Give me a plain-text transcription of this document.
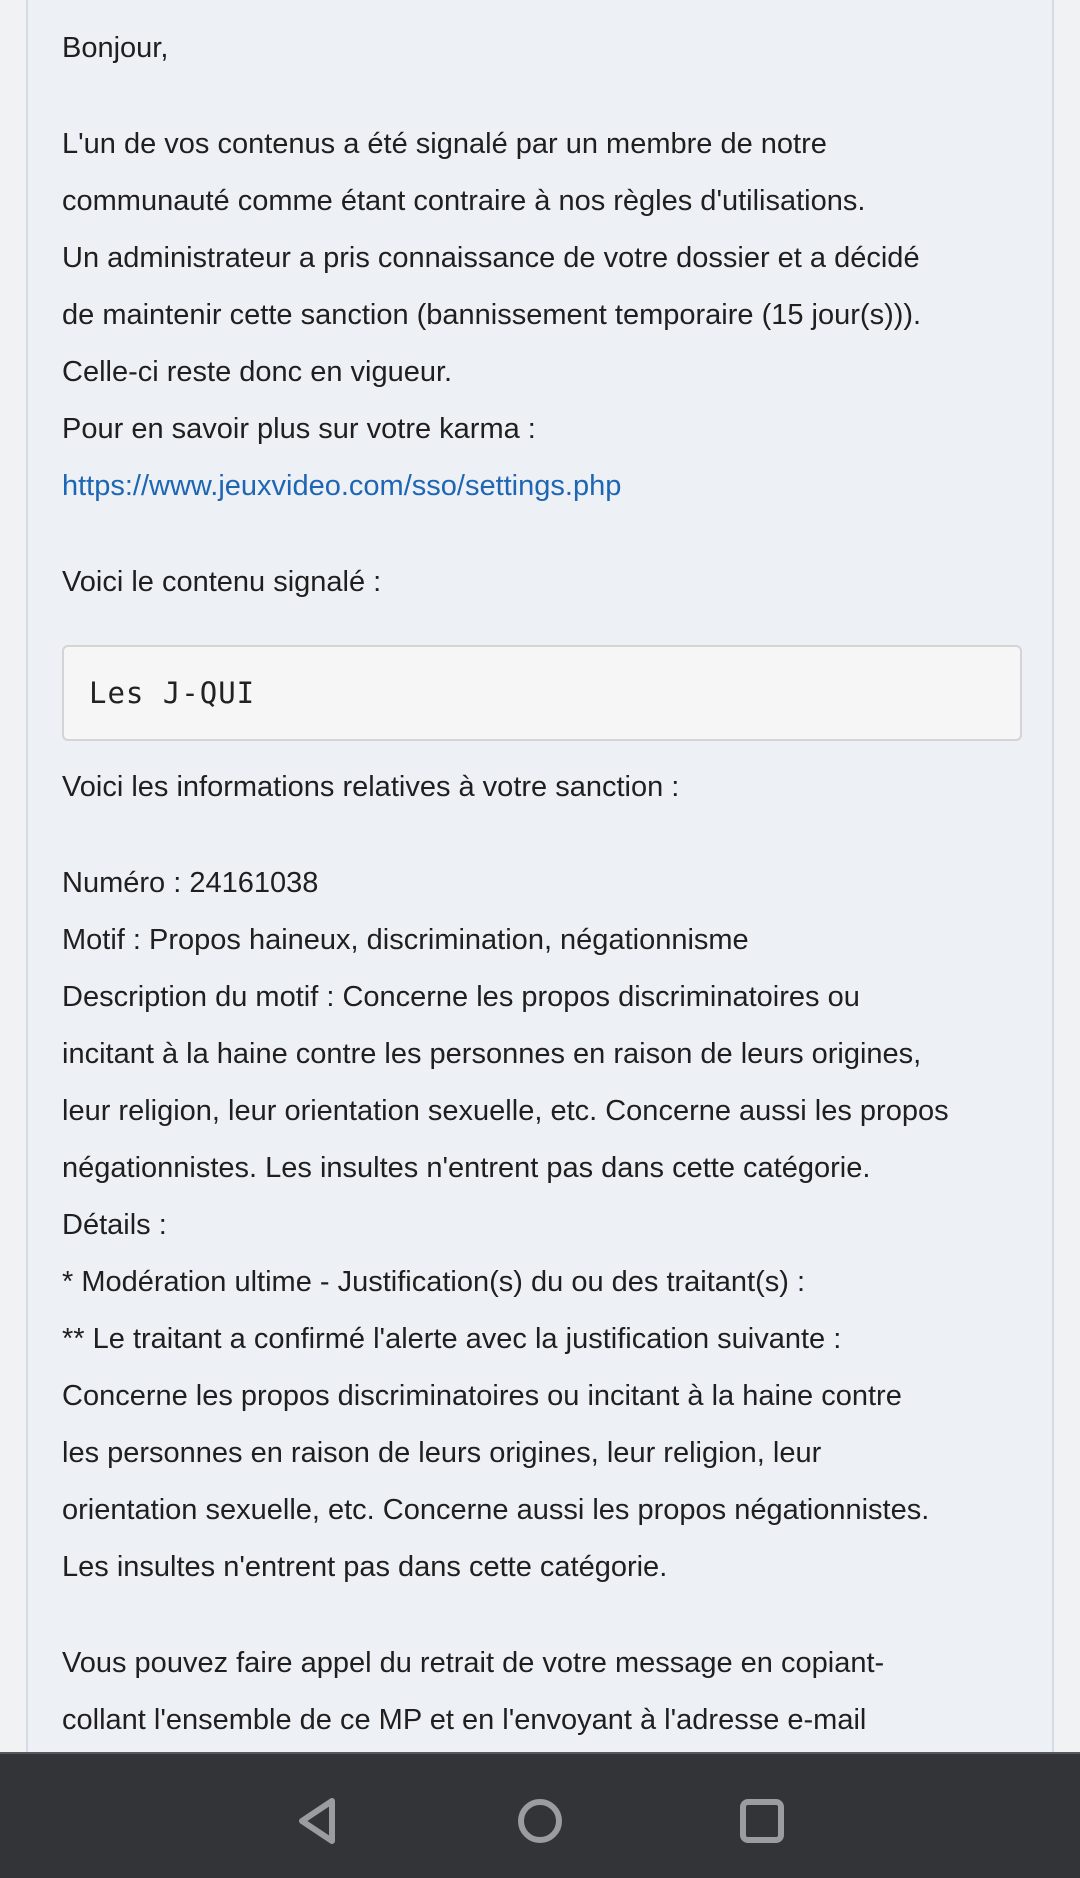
Bonjour,
L'un de vos contenus a été signalé par un membre de notre
communauté comme étant contraire à nos règles d'utilisations.
Un administrateur a pris connaissance de votre dossier et a décidé
de maintenir cette sanction (bannissement temporaire (15 jour(s))).
Celle-ci reste donc en vigueur.
Pour en savoir plus sur votre karma :
https://www.jeuxvideo.com/sso/settings.php
Voici le contenu signalé :
Les J-QUI
Voici les informations relatives à votre sanction :
Numéro : 24161038
Motif : Propos haineux, discrimination, négationnisme
Description du motif : Concerne les propos discriminatoires ou
incitant à la haine contre les personnes en raison de leurs origines,
leur religion, leur orientation sexuelle, etc. Concerne aussi les propos
négationnistes. Les insultes n'entrent pas dans cette catégorie.
Détails :
* Modération ultime - Justification(s) du ou des traitant(s) :
** Le traitant a confirmé l'alerte avec la justification suivante :
Concerne les propos discriminatoires ou incitant à la haine contre
les personnes en raison de leurs origines, leur religion, leur
orientation sexuelle, etc. Concerne aussi les propos négationnistes.
Les insultes n'entrent pas dans cette catégorie.
Vous pouvez faire appel du retrait de votre message en copiant-
collant l'ensemble de ce MP et en l'envoyant à l'adresse e-mail
